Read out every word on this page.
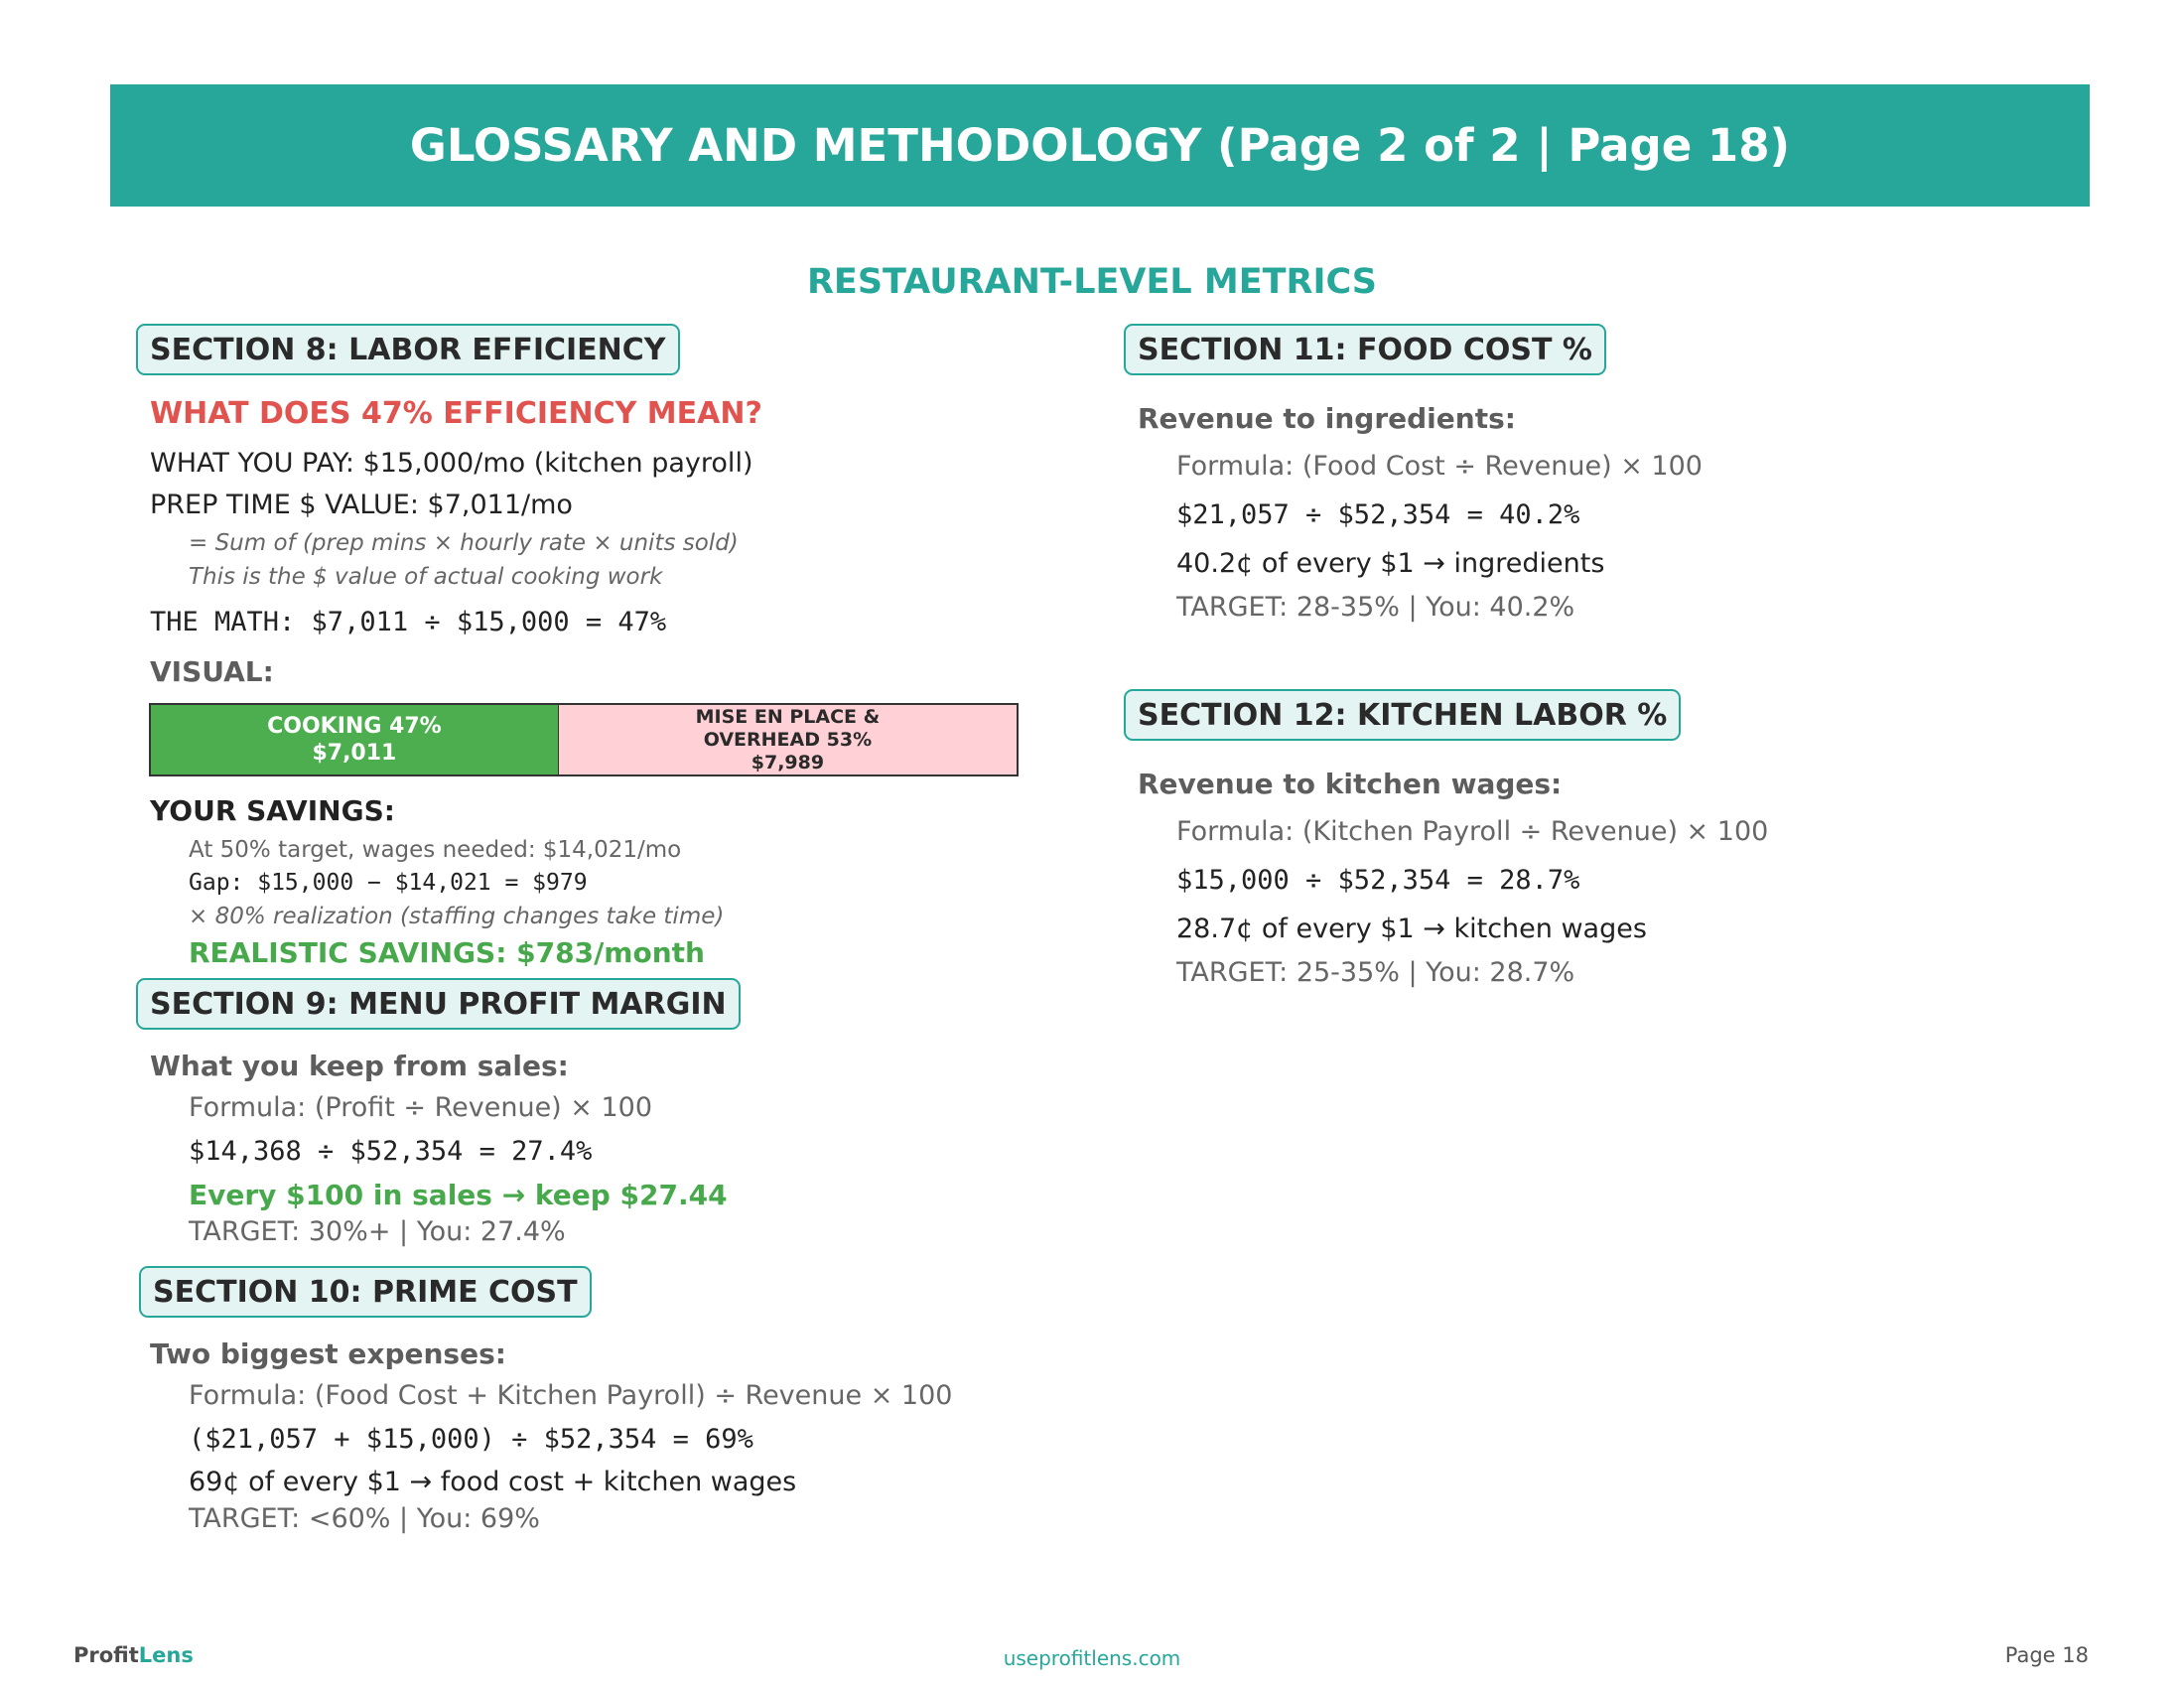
GLOSSARY AND METHODOLOGY (Page 2 of 2 | Page 18)
RESTAURANT-LEVEL METRICS
SECTION 8: LABOR EFFICIENCY
WHAT DOES 47% EFFICIENCY MEAN?
WHAT YOU PAY: $15,000/mo (kitchen payroll)
PREP TIME $ VALUE: $7,011/mo
= Sum of (prep mins × hourly rate × units sold)
This is the $ value of actual cooking work
THE MATH: $7,011 ÷ $15,000 = 47%
VISUAL:
COOKING 47%
$7,011
MISE EN PLACE &
OVERHEAD 53%
$7,989
YOUR SAVINGS:
At 50% target, wages needed: $14,021/mo
Gap: $15,000 − $14,021 = $979
× 80% realization (staffing changes take time)
REALISTIC SAVINGS: $783/month
SECTION 9: MENU PROFIT MARGIN
What you keep from sales:
Formula: (Profit ÷ Revenue) × 100
$14,368 ÷ $52,354 = 27.4%
Every $100 in sales → keep $27.44
TARGET: 30%+ | You: 27.4%
SECTION 10: PRIME COST
Two biggest expenses:
Formula: (Food Cost + Kitchen Payroll) ÷ Revenue × 100
($21,057 + $15,000) ÷ $52,354 = 69%
69¢ of every $1 → food cost + kitchen wages
TARGET: <60% | You: 69%
SECTION 11: FOOD COST %
Revenue to ingredients:
Formula: (Food Cost ÷ Revenue) × 100
$21,057 ÷ $52,354 = 40.2%
40.2¢ of every $1 → ingredients
TARGET: 28-35% | You: 40.2%
SECTION 12: KITCHEN LABOR %
Revenue to kitchen wages:
Formula: (Kitchen Payroll ÷ Revenue) × 100
$15,000 ÷ $52,354 = 28.7%
28.7¢ of every $1 → kitchen wages
TARGET: 25-35% | You: 28.7%
ProfitLens	useprofitlens.com	Page 18
